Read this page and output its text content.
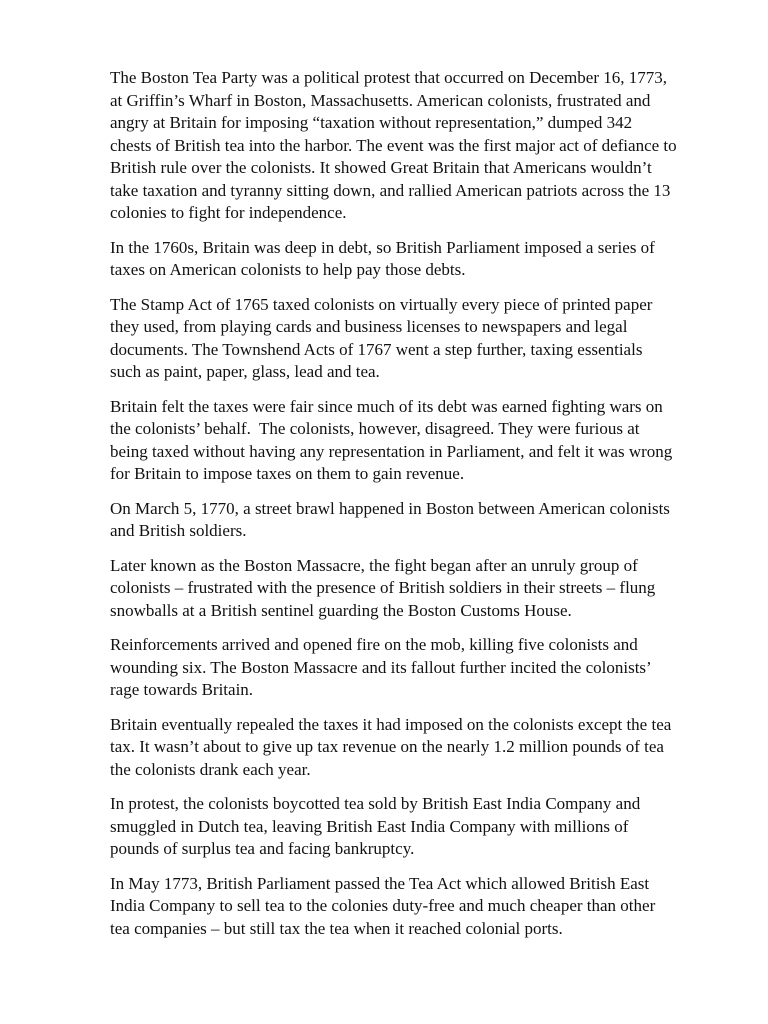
The Boston Tea Party was a political protest that occurred on December 16, 1773,
at Griffin’s Wharf in Boston, Massachusetts. American colonists, frustrated and
angry at Britain for imposing “taxation without representation,” dumped 342
chests of British tea into the harbor. The event was the first major act of defiance to
British rule over the colonists. It showed Great Britain that Americans wouldn’t
take taxation and tyranny sitting down, and rallied American patriots across the 13
colonies to fight for independence.

In the 1760s, Britain was deep in debt, so British Parliament imposed a series of
taxes on American colonists to help pay those debts.

The Stamp Act of 1765 taxed colonists on virtually every piece of printed paper
they used, from playing cards and business licenses to newspapers and legal
documents. The Townshend Acts of 1767 went a step further, taxing essentials
such as paint, paper, glass, lead and tea.

Britain felt the taxes were fair since much of its debt was earned fighting wars on
the colonists’ behalf.  The colonists, however, disagreed. They were furious at
being taxed without having any representation in Parliament, and felt it was wrong
for Britain to impose taxes on them to gain revenue.

On March 5, 1770, a street brawl happened in Boston between American colonists
and British soldiers.

Later known as the Boston Massacre, the fight began after an unruly group of
colonists – frustrated with the presence of British soldiers in their streets – flung
snowballs at a British sentinel guarding the Boston Customs House.

Reinforcements arrived and opened fire on the mob, killing five colonists and
wounding six. The Boston Massacre and its fallout further incited the colonists’
rage towards Britain.

Britain eventually repealed the taxes it had imposed on the colonists except the tea
tax. It wasn’t about to give up tax revenue on the nearly 1.2 million pounds of tea
the colonists drank each year.

In protest, the colonists boycotted tea sold by British East India Company and
smuggled in Dutch tea, leaving British East India Company with millions of
pounds of surplus tea and facing bankruptcy.

In May 1773, British Parliament passed the Tea Act which allowed British East
India Company to sell tea to the colonies duty-free and much cheaper than other
tea companies – but still tax the tea when it reached colonial ports.
